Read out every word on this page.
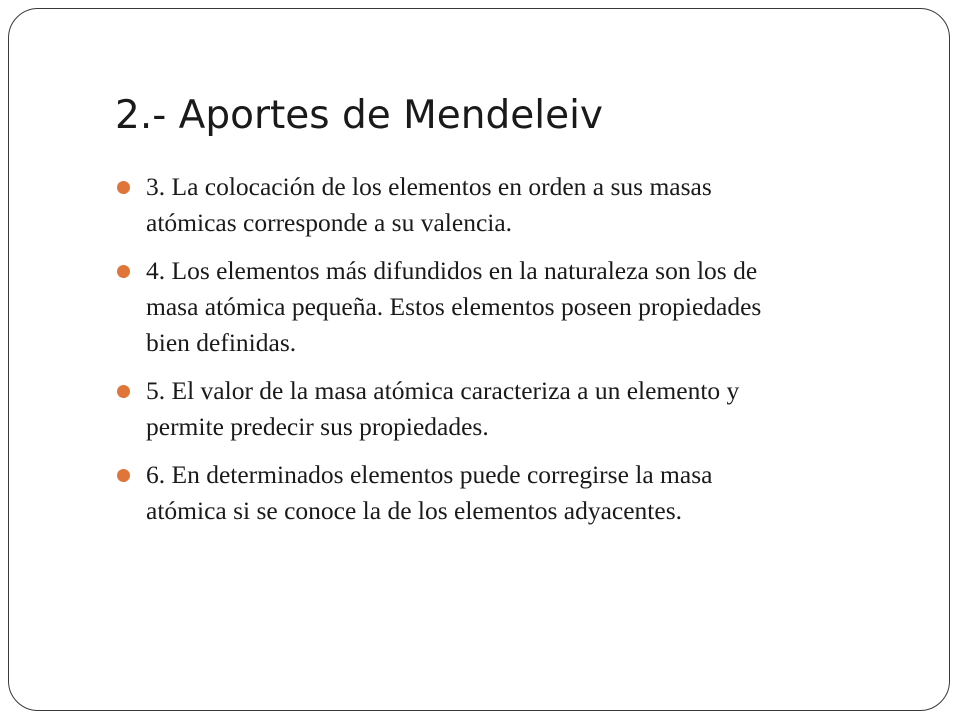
2.- Aportes de Mendeleiv
3. La colocación de los elementos en orden a sus masas
atómicas corresponde a su valencia.
4. Los elementos más difundidos en la naturaleza son los de
masa atómica pequeña. Estos elementos poseen propiedades
bien definidas.
5. El valor de la masa atómica caracteriza a un elemento y
permite predecir sus propiedades.
6. En determinados elementos puede corregirse la masa
atómica si se conoce la de los elementos adyacentes.
